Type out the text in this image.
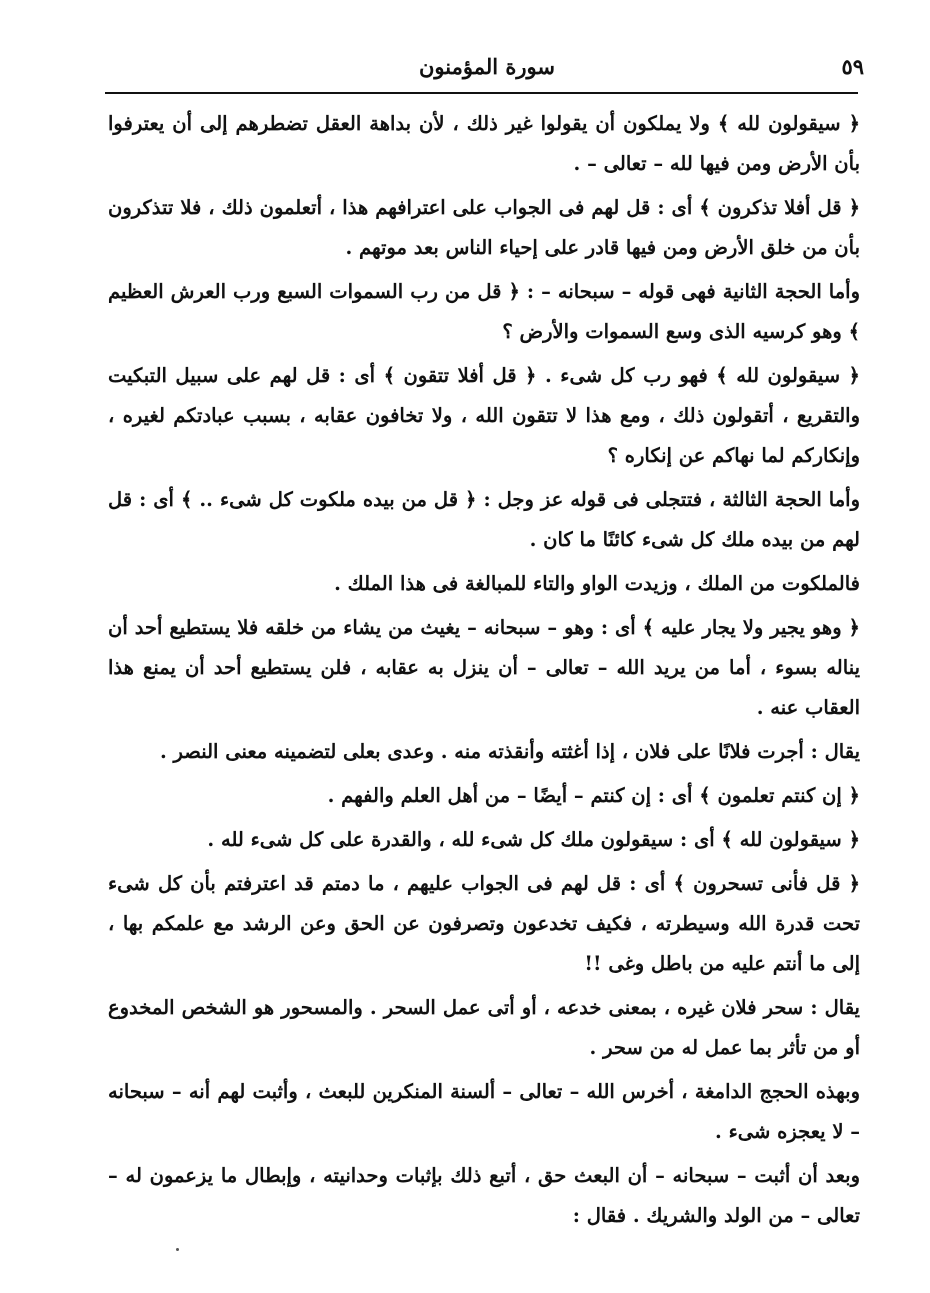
٥٩
سورة المؤمنون

﴿ سيقولون لله ﴾ ولا يملكون أن يقولوا غير ذلك ، لأن بداهة العقل تضطرهم إلى أن يعترفوا بأن الأرض ومن فيها لله – تعالى – .

﴿ قل أفلا تذكرون ﴾ أى : قل لهم فى الجواب على اعترافهم هذا ، أتعلمون ذلك ، فلا تتذكرون بأن من خلق الأرض ومن فيها قادر على إحياء الناس بعد موتهم .

وأما الحجة الثانية فهى قوله – سبحانه – : ﴿ قل من رب السموات السبع ورب العرش العظيم ﴾ وهو كرسيه الذى وسع السموات والأرض ؟

﴿ سيقولون لله ﴾ فهو رب كل شىء . ﴿ قل أفلا تتقون ﴾ أى : قل لهم على سبيل التبكيت والتقريع ، أتقولون ذلك ، ومع هذا لا تتقون الله ، ولا تخافون عقابه ، بسبب عبادتكم لغيره ، وإنكاركم لما نهاكم عن إنكاره ؟

وأما الحجة الثالثة ، فتتجلى فى قوله عز وجل : ﴿ قل من بيده ملكوت كل شىء .. ﴾ أى : قل لهم من بيده ملك كل شىء كائنًا ما كان .

فالملكوت من الملك ، وزيدت الواو والتاء للمبالغة فى هذا الملك .

﴿ وهو يجير ولا يجار عليه ﴾ أى : وهو – سبحانه – يغيث من يشاء من خلقه فلا يستطيع أحد أن يناله بسوء ، أما من يريد الله – تعالى – أن ينزل به عقابه ، فلن يستطيع أحد أن يمنع هذا العقاب عنه .

يقال : أجرت فلانًا على فلان ، إذا أغثته وأنقذته منه . وعدى بعلى لتضمينه معنى النصر .

﴿ إن كنتم تعلمون ﴾ أى : إن كنتم – أيضًا – من أهل العلم والفهم .

﴿ سيقولون لله ﴾ أى : سيقولون ملك كل شىء لله ، والقدرة على كل شىء لله .

﴿ قل فأنى تسحرون ﴾ أى : قل لهم فى الجواب عليهم ، ما دمتم قد اعترفتم بأن كل شىء تحت قدرة الله وسيطرته ، فكيف تخدعون وتصرفون عن الحق وعن الرشد مع علمكم بها ، إلى ما أنتم عليه من باطل وغى !!

يقال : سحر فلان غيره ، بمعنى خدعه ، أو أتى عمل السحر . والمسحور هو الشخص المخدوع أو من تأثر بما عمل له من سحر .

وبهذه الحجج الدامغة ، أخرس الله – تعالى – ألسنة المنكرين للبعث ، وأثبت لهم أنه – سبحانه – لا يعجزه شىء .

وبعد أن أثبت – سبحانه – أن البعث حق ، أتبع ذلك بإثبات وحدانيته ، وإبطال ما يزعمون له – تعالى – من الولد والشريك . فقال :
